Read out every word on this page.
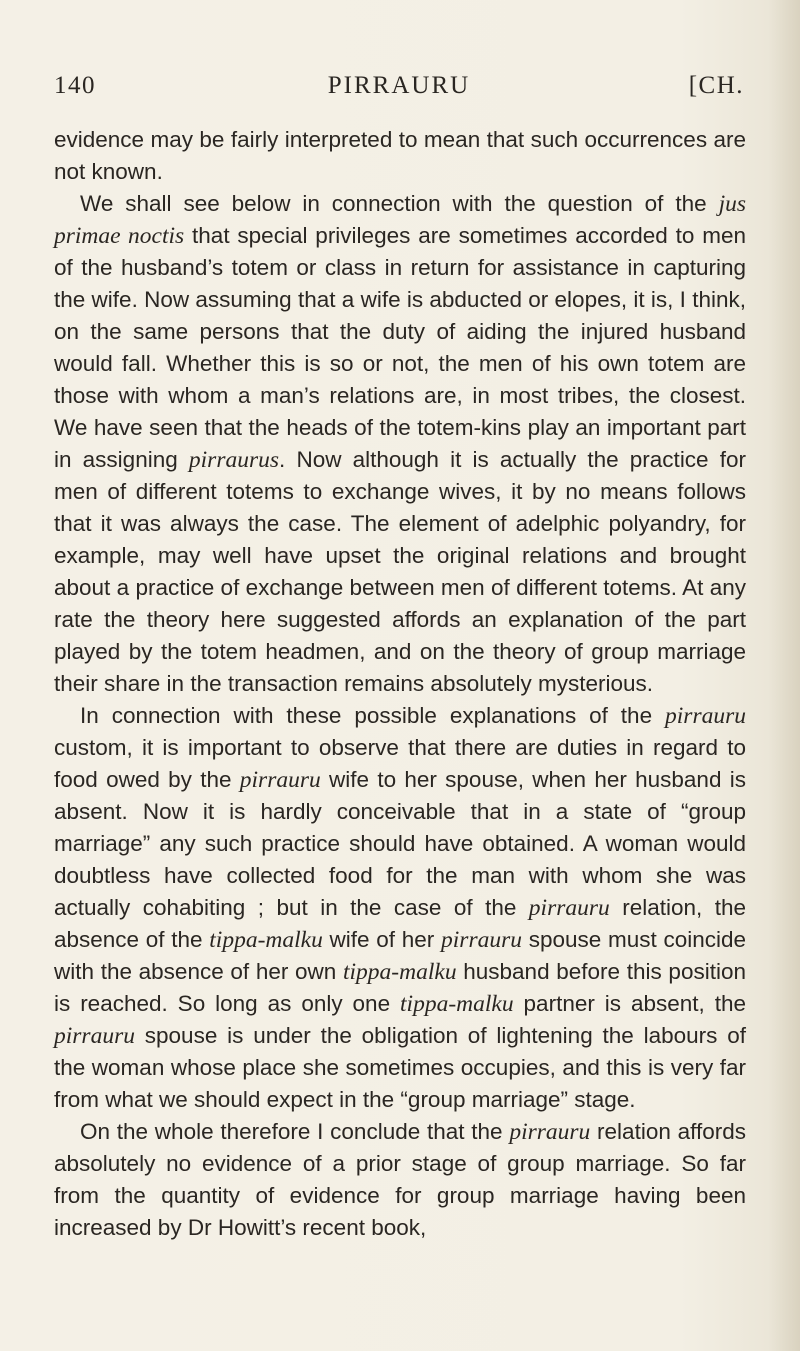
140	PIRRAURU	[CH.

evidence may be fairly interpreted to mean that such occurrences are not known.

We shall see below in connection with the question of the jus primae noctis that special privileges are sometimes accorded to men of the husband’s totem or class in return for assistance in capturing the wife. Now assuming that a wife is abducted or elopes, it is, I think, on the same persons that the duty of aiding the injured husband would fall. Whether this is so or not, the men of his own totem are those with whom a man’s relations are, in most tribes, the closest. We have seen that the heads of the totem-kins play an important part in assigning pirraurus. Now although it is actually the practice for men of different totems to exchange wives, it by no means follows that it was always the case. The element of adelphic polyandry, for example, may well have upset the original relations and brought about a practice of exchange between men of different totems. At any rate the theory here suggested affords an explanation of the part played by the totem headmen, and on the theory of group marriage their share in the transaction remains absolutely mysterious.

In connection with these possible explanations of the pirrauru custom, it is important to observe that there are duties in regard to food owed by the pirrauru wife to her spouse, when her husband is absent. Now it is hardly conceivable that in a state of “group marriage” any such practice should have obtained. A woman would doubtless have collected food for the man with whom she was actually cohabiting ; but in the case of the pirrauru relation, the absence of the tippa-malku wife of her pirrauru spouse must coincide with the absence of her own tippa-malku husband before this position is reached. So long as only one tippa-malku partner is absent, the pirrauru spouse is under the obligation of lightening the labours of the woman whose place she sometimes occupies, and this is very far from what we should expect in the “group marriage” stage.

On the whole therefore I conclude that the pirrauru relation affords absolutely no evidence of a prior stage of group marriage. So far from the quantity of evidence for group marriage having been increased by Dr Howitt’s recent book,
